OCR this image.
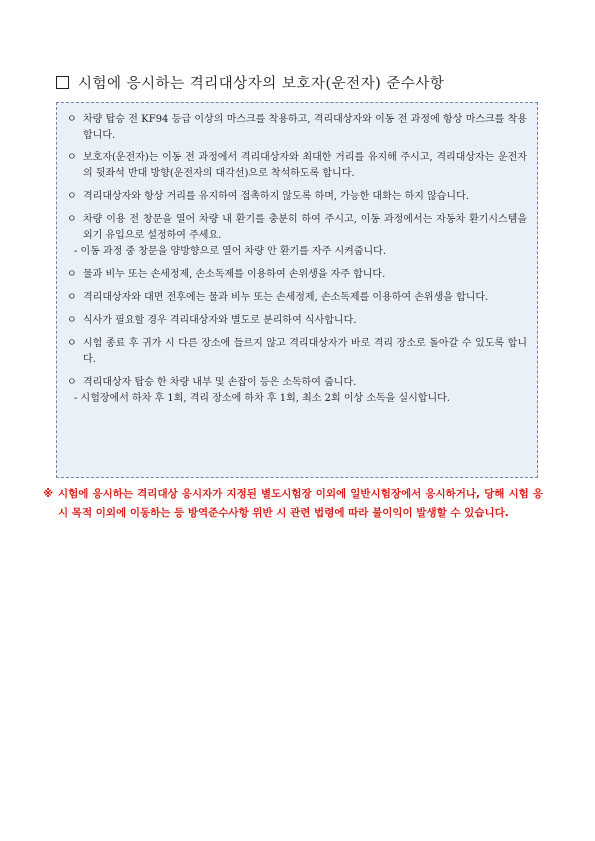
시험에 응시하는 격리대상자의 보호자(운전자) 준수사항
ㅇ 차량 탑승 전 KF94 등급 이상의 마스크를 착용하고, 격리대상자와 이동 전 과정에 항상 마스크를 착용합니다.
ㅇ 보호자(운전자)는 이동 전 과정에서 격리대상자와 최대한 거리를 유지해 주시고, 격리대상자는 운전자의 뒷좌석 반대 방향(운전자의 대각선)으로 착석하도록 합니다.
ㅇ 격리대상자와 항상 거리를 유지하여 접촉하지 않도록 하며, 가능한 대화는 하지 않습니다.
ㅇ 차량 이용 전 창문을 열어 차량 내 환기를 충분히 하여 주시고, 이동 과정에서는 자동차 환기시스템을 외기 유입으로 설정하여 주세요.
- 이동 과정 중 창문을 양방향으로 열어 차량 안 환기를 자주 시켜줍니다.
ㅇ 물과 비누 또는 손세정제, 손소독제를 이용하여 손위생을 자주 합니다.
ㅇ 격리대상자와 대면 전후에는 물과 비누 또는 손세정제, 손소독제를 이용하여 손위생을 합니다.
ㅇ 식사가 필요할 경우 격리대상자와 별도로 분리하여 식사합니다.
ㅇ 시험 종료 후 귀가 시 다른 장소에 들르지 않고 격리대상자가 바로 격리 장소로 돌아갈 수 있도록 합니다.
ㅇ 격리대상자 탑승 한 차량 내부 및 손잡이 등은 소독하여 줍니다.
- 시험장에서 하차 후 1회, 격리 장소에 하차 후 1회, 최소 2회 이상 소독을 실시합니다.
※ 시험에 응시하는 격리대상 응시자가 지정된 별도시험장 이외에 일반시험장에서 응시하거나, 당해 시험 응시 목적 이외에 이동하는 등 방역준수사항 위반 시 관련 법령에 따라 불이익이 발생할 수 있습니다.
